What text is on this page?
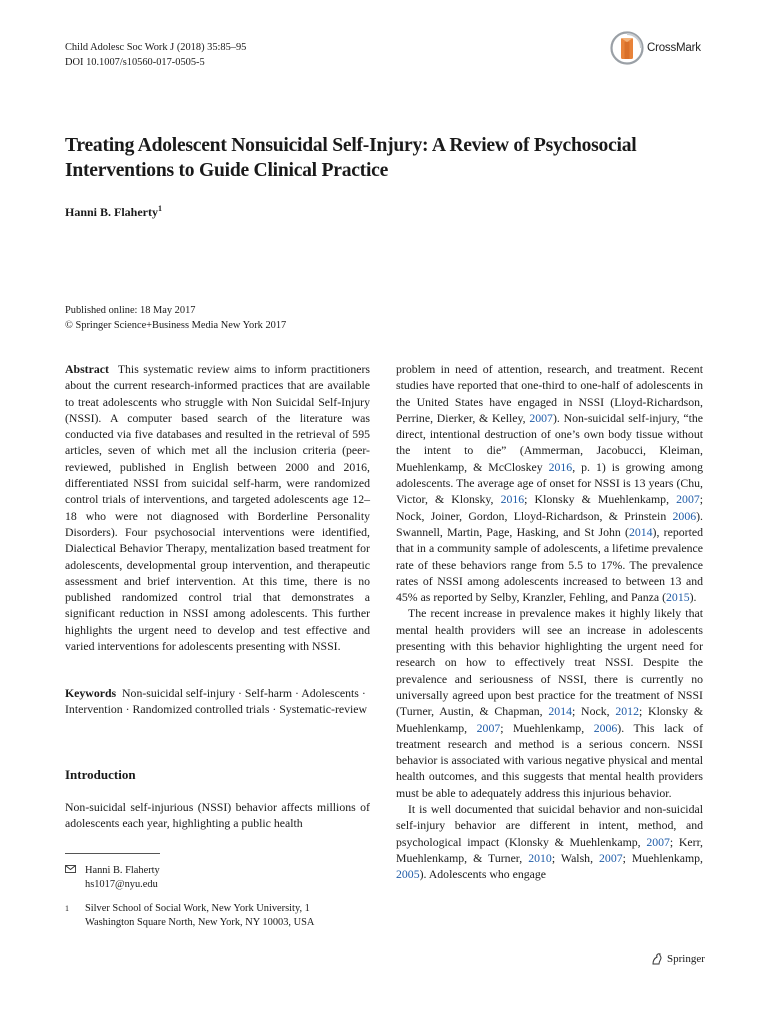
Child Adolesc Soc Work J (2018) 35:85–95
DOI 10.1007/s10560-017-0505-5
CrossMark
Treating Adolescent Nonsuicidal Self-Injury: A Review of Psychosocial Interventions to Guide Clinical Practice
Hanni B. Flaherty$^1$
Published online: 18 May 2017
© Springer Science+Business Media New York 2017

Abstract This systematic review aims to inform practitioners about the current research-informed practices that are available to treat adolescents who struggle with Non Suicidal Self-Injury (NSSI). A computer based search of the literature was conducted via five databases and resulted in the retrieval of 595 articles, seven of which met all the inclusion criteria (peer-reviewed, published in English between 2000 and 2016, differentiated NSSI from suicidal self-harm, were randomized control trials of interventions, and targeted adolescents age 12–18 who were not diagnosed with Borderline Personality Disorders). Four psychosocial interventions were identified, Dialectical Behavior Therapy, mentalization based treatment for adolescents, developmental group intervention, and therapeutic assessment and brief intervention. At this time, there is no published randomized control trial that demonstrates a significant reduction in NSSI among adolescents. This further highlights the urgent need to develop and test effective and varied interventions for adolescents presenting with NSSI.

Keywords Non-suicidal self-injury · Self-harm · Adolescents · Intervention · Randomized controlled trials · Systematic-review

Introduction
Non-suicidal self-injurious (NSSI) behavior affects millions of adolescents each year, highlighting a public health
Hanni B. Flaherty
hs1017@nyu.edu
1	Silver School of Social Work, New York University, 1
Washington Square North, New York, NY 10003, USA

problem in need of attention, research, and treatment. Recent studies have reported that one-third to one-half of adolescents in the United States have engaged in NSSI (Lloyd-Richardson, Perrine, Dierker, & Kelley, 2007). Non-suicidal self-injury, “the direct, intentional destruction of one’s own body tissue without the intent to die” (Ammerman, Jacobucci, Kleiman, Muehlenkamp, & McCloskey 2016, p. 1) is growing among adolescents. The average age of onset for NSSI is 13 years (Chu, Victor, & Klonsky, 2016; Klonsky & Muehlenkamp, 2007; Nock, Joiner, Gordon, Lloyd-Richardson, & Prinstein 2006). Swannell, Martin, Page, Hasking, and St John (2014), reported that in a community sample of adolescents, a lifetime prevalence rate of these behaviors range from 5.5 to 17%. The prevalence rates of NSSI among adolescents increased to between 13 and 45% as reported by Selby, Kranzler, Fehling, and Panza (2015).

The recent increase in prevalence makes it highly likely that mental health providers will see an increase in adolescents presenting with this behavior highlighting the urgent need for research on how to effectively treat NSSI. Despite the prevalence and seriousness of NSSI, there is currently no universally agreed upon best practice for the treatment of NSSI (Turner, Austin, & Chapman, 2014; Nock, 2012; Klonsky & Muehlenkamp, 2007; Muehlenkamp, 2006). This lack of treatment research and method is a serious concern. NSSI behavior is associated with various negative physical and mental health outcomes, and this suggests that mental health providers must be able to adequately address this injurious behavior.

It is well documented that suicidal behavior and non-suicidal self-injury behavior are different in intent, method, and psychological impact (Klonsky & Muehlenkamp, 2007; Kerr, Muehlenkamp, & Turner, 2010; Walsh, 2007; Muehlenkamp, 2005). Adolescents who engage

Springer
